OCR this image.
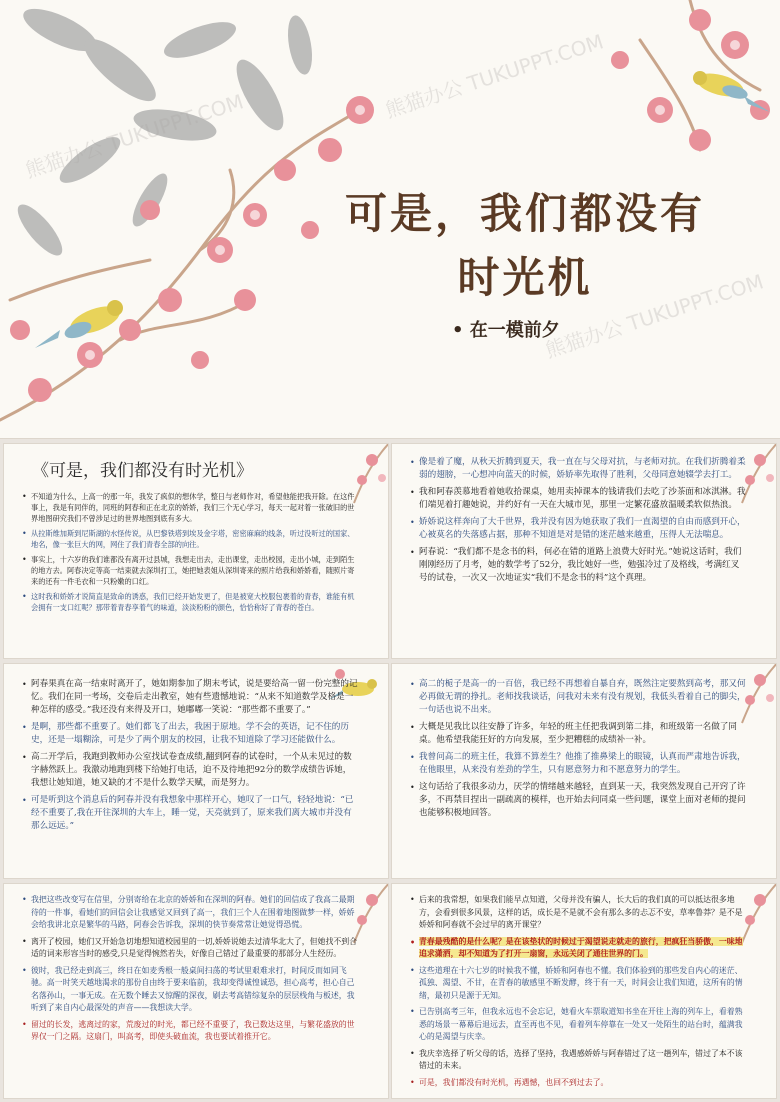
熊猫办公 TUKUPPT.COM
熊猫办公 TUKUPPT.COM
熊猫办公 TUKUPPT.COM
可是，我们都没有
时光机
• 在一模前夕
《可是，我们都没有时光机》
• 不知道为什么，上高一的那一年，我发了疯似的想休学，整日与老师作对，希望他能把我开除。在这件事上，我是有同伴的，同班的阿春和正在北京的娇娇，我们三个无心学习，每天一起对着一张破旧的世界地图研究我们不曾涉足过的世界地图到底有多大。
• 从拉斯维加斯到尼斯湖的水怪传说，从巴黎铁塔到埃及金字塔，密密麻麻的线条，听过没听过的国家、地名，像一张巨大的网，网住了我们青春全部的向往。
• 事实上，十六岁的我们谁都没有离开过县城，我想走出去，走出课堂，走出校园，走出小城，走到陌生的地方去。阿春决定等高一结束就去深圳打工，她把她表姐从深圳寄来的照片给我和娇娇看，随照片寄来的还有一件毛衣和一只粉嫩的口红。
• 这时我和娇娇才说简直是致命的诱惑，我们已经开始发更了，但是被宽大校服包裹着的青春，谁能有机会拥有一支口红呢？那带着青春享着气的味道，淡淡粉粉的颜色，恰恰称好了青春的苍白。
• 像是着了魔，从秋天折腾到夏天，我一直在与父母对抗，与老师对抗。在我们折腾着柔弱的翅膀，一心想冲向蓝天的时候，娇娇率先取得了胜利，父母同意她辍学去打工。
• 我和阿春羡慕地看着她收拾课桌，她用卖掉课本的钱请我们去吃了沙茶面和冰淇淋。我们端见着打趣她说，并约好有一天在大城市见，那里一定繁花盛放温暖柔软似热浪。
• 娇娇说这样奔向了大千世界，我并没有因为她获取了我们一直渴望的自由而感到开心，心被莫名的失落感占据，那种不知道是对是错的迷茫越来越重，压得人无法喘息。
• 阿春说：“我们都不是念书的料，何必在错的道路上浪费大好时光。”她说这话时，我们刚刚经历了月考，她的数学考了52分，我比她好一些，勉强冷过了及格线，考满红叉号的试卷，一次又一次地证实“我们不是念书的料”这个真理。
• 阿春果真在高一结束时离开了，她如期参加了期末考试，说是要给高一留一份完整的记忆。我们在同一考场，交卷后走出教室，她有些遗憾地说：“从来不知道数学及格是一种怎样的感受。”我还没有来得及开口，她嘟嘟一笑说：“那些都不重要了。”
• 是啊，那些都不重要了。她们都飞了出去，我困于原地。学不会的英语，记不住的历史，还是一塌糊涂，可是少了两个朋友的校园，让我不知道除了学习还能做什么。
• 高二开学后，我跑到教师办公室找试卷查成绩,翻到阿春的试卷时，一个从未见过的数字赫然跃上。我激动地跑到楼下给她打电话，迫不及待地把92分的数学成绩告诉她，我想让她知道，她又缺的才不是什么数学天赋，而是努力。
• 可是听到这个消息后的阿春并没有我想象中那样开心，她叹了一口气，轻轻地说：“已经不重要了,我在开往深圳的大车上，睡一觉，天亮就到了，原来我们离大城市并没有那么远远。”
• 高二的栀子是高一的一百倍，我已经不再想着自暴自弃，既然注定要熬到高考，那又何必再做无谓的挣扎。老师找我谈话，问我对未来有没有规划，我低头看着自己的脚尖，一句话也说不出来。
• 大概是见我比以往安静了许多，年轻的班主任把我调到第二排，和班级第一名做了同桌。他希望我能狂好的方向发展，至少把糟糕的成绩补一补。
• 我曾问高二的班主任，我算不算差生？他推了推鼻梁上的眼镜，认真而严肃地告诉我，在他眼里，从来没有差劲的学生，只有愿意努力和不愿意努力的学生。
• 这句话给了我很多动力，厌学的情绪越来越轻，直到某一天，我突然发现自己开窍了许多，不再禁目捏出一副疏离的模样，也开始去问同桌一些问题，课堂上面对老师的提问也能够积极地回答。
• 我把这些改变写在信里，分别寄给在北京的娇娇和在深圳的阿春。她们的回信成了我高二最期待的一件事，看她们的回信会让我感觉又回到了高一，我们三个人在围着地图做梦一样，娇娇会给我讲北京是繁华的马路，阿春会告诉我，深圳的快节奏常常让她觉得恐慌。
• 离开了校园，她们又开始急切地想知道校园里的一切,娇娇说她去过清华北大了，但她找不到合适的词来形容当时的感受,只是觉得惋然若失，好像自己错过了最重要的那部分人生经历。
• 彼时，我已经走到高三，终日在如麦秀根一般桌间扫荡的考试里艰难求打，时间反而如同飞驰。高一时笑天越地渴求的那份自由终于要来临前，我却变得诚惶诚恐，担心高考，担心自己名落孙山，一事无成。在无数个睡去又惊醒的深夜，刷去考高错综复杂的层层栈角与板述，我听到了来自内心最深处的声音——我想读大学。
• 留过的长发，逃离过的家，荒废过的时光，都已经不重要了，我已数达这里，与繁花盛放的世界仅一门之隔。这扇门，叫高考，即使头破血流，我也要试着推开它。
• 后来的我常想，如果我们能早点知道，父母并没有骗人，长大后的我们真的可以抵达很多地方，会看到很多风景，这样的话，成长是不是就不会有那么多的忐忑不安，草率鲁莽？是不是娇娇和阿春就不会过早的离开课堂？
• 青春最残酷的是什么呢？是在该垫状的时候过于渴望说走就走的旅行，把疯狂当骄傲，一味地追求潇洒，却不知道为了打开一扇窗，永远关闭了通往世界的门。
• 这些道理在十六七岁的时候我不懂，娇娇和阿春也不懂。我们体验到的那些发自内心的迷茫、孤独、渴望、不甘，在青春的敏感里不断发酵，终于有一天，时间会让我们知道，这所有的情绪，最初只是源于无知。
• 已告别高考三年，但我永远也不会忘记，她看火车票取道知书坐在开往上海的列车上，看着熟悉的场景一幕幕后退远去，直至再也不见，看着列车停靠在一处又一处陌生的站台时，蕴满我心的是渴望与庆幸。
• 我庆幸选择了听父母的话，选择了坚持，我遇感娇娇与阿春错过了这一趟列车，错过了本不该错过的未来。
• 可是，我们都没有时光机，再遇憾，也回不到过去了。
